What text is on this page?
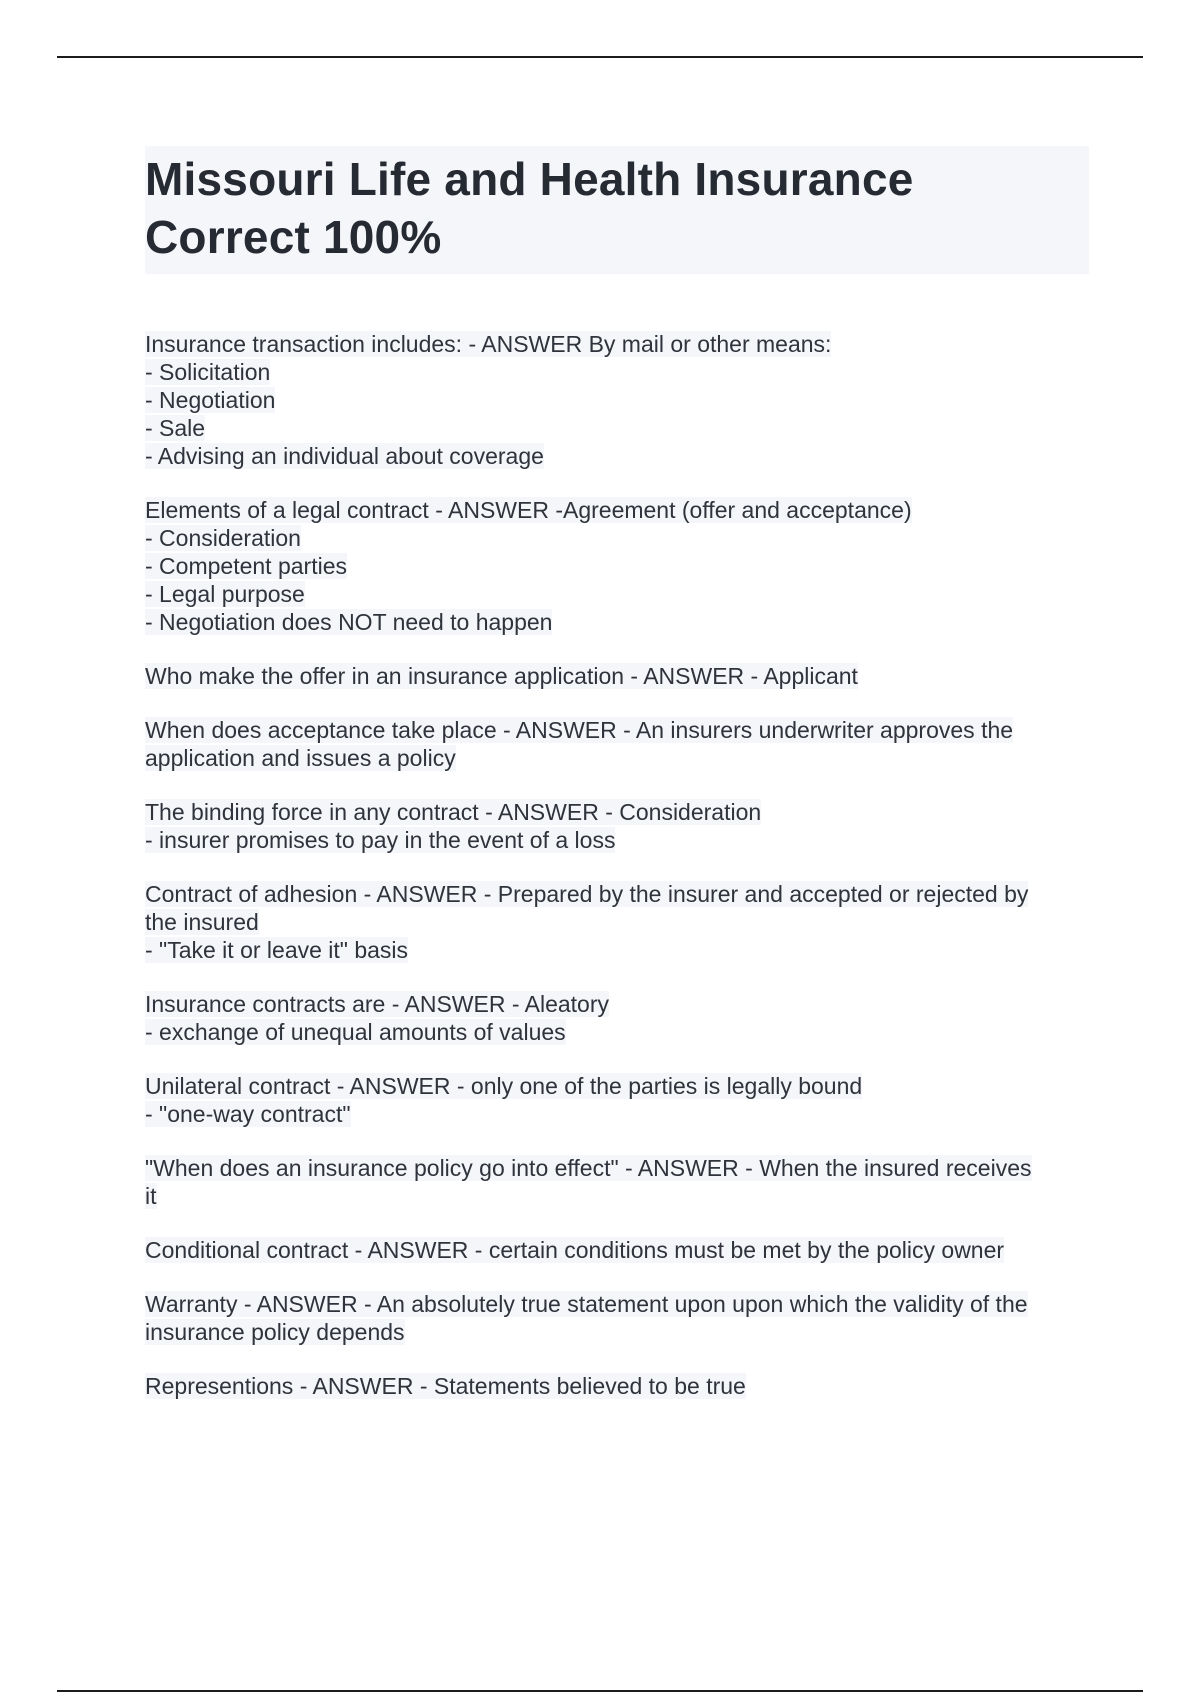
Missouri Life and Health Insurance
Correct 100%
Insurance transaction includes: - ANSWER By mail or other means:
- Solicitation
- Negotiation
- Sale
- Advising an individual about coverage
Elements of a legal contract - ANSWER -Agreement (offer and acceptance)
- Consideration
- Competent parties
- Legal purpose
- Negotiation does NOT need to happen
Who make the offer in an insurance application - ANSWER - Applicant
When does acceptance take place - ANSWER - An insurers underwriter approves the
application and issues a policy
The binding force in any contract - ANSWER - Consideration
- insurer promises to pay in the event of a loss
Contract of adhesion - ANSWER - Prepared by the insurer and accepted or rejected by
the insured
- "Take it or leave it" basis
Insurance contracts are - ANSWER - Aleatory
- exchange of unequal amounts of values
Unilateral contract - ANSWER - only one of the parties is legally bound
- "one-way contract"
"When does an insurance policy go into effect" - ANSWER - When the insured receives
it
Conditional contract - ANSWER - certain conditions must be met by the policy owner
Warranty - ANSWER - An absolutely true statement upon upon which the validity of the
insurance policy depends
Representions - ANSWER - Statements believed to be true
